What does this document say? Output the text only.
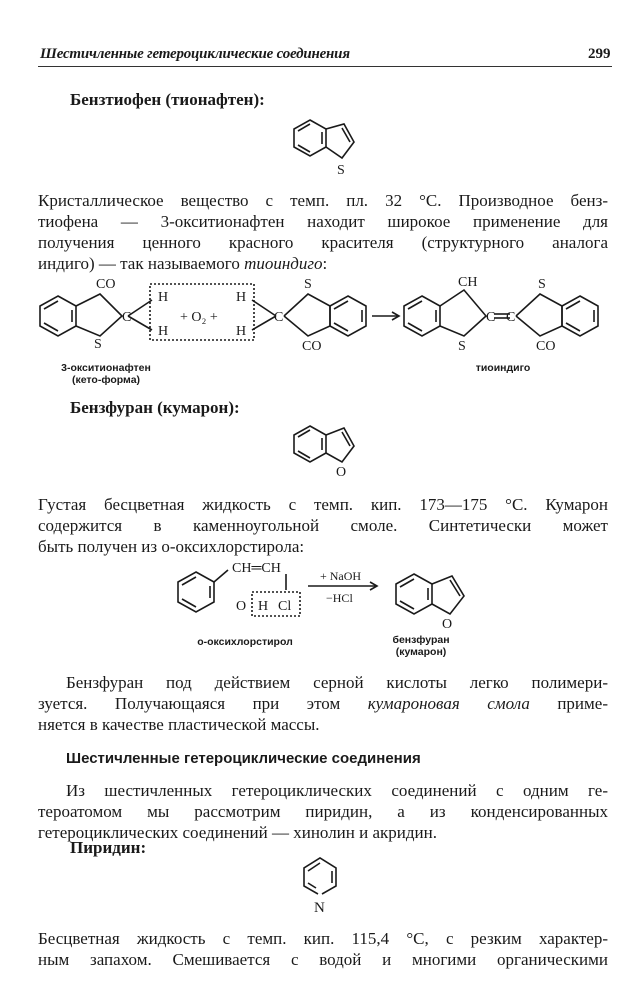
Шестичленные гетероциклические соединения	299
Бензтиофен (тионафтен):
S
Кристаллическое вещество с темп. пл. 32 °С. Производное бенз-
тиофена — 3-окситионафтен находит широкое применение для
получения ценного красного красителя (структурного аналога
индиго) — так называемого тиоиндиго:
CO
S
C
H
H
H
H
+ O₂ +	C
S
CO
CH
S
C C
S
CO
3-окситионафтен
(кето-форма)
тиоиндиго
Бензфуран (кумарон):
O
Густая бесцветная жидкость с темп. кип. 173—175 °С. Кумарон
содержится в каменноугольной смоле. Синтетически может
быть получен из о-оксихлорстирола:
CH═CH
O H Cl
+ NaOH
−HCl
O
о-оксихлорстирол	бензфуран
(кумарон)
Бензфуран под действием серной кислоты легко полимери-
зуется. Получающаяся при этом кумароновая смола приме-
няется в качестве пластической массы.
Шестичленные гетероциклические соединения
Из шестичленных гетероциклических соединений с одним ге-
тероатомом мы рассмотрим пиридин, а из конденсированных
гетероциклических соединений — хинолин и акридин.
Пиридин:
N
Бесцветная жидкость с темп. кип. 115,4 °С, с резким характер-
ным запахом. Смешивается с водой и многими органическими
